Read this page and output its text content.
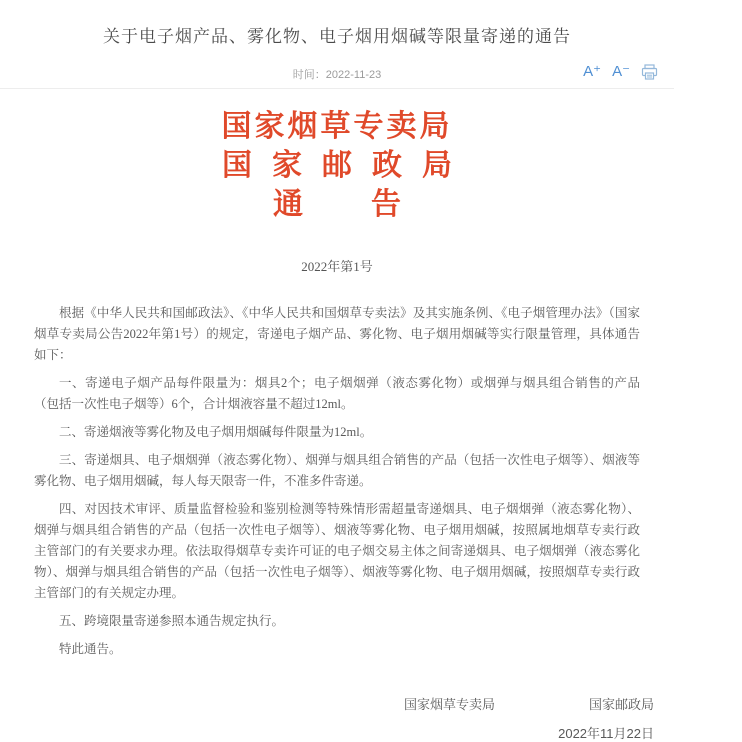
关于电子烟产品、雾化物、电子烟用烟碱等限量寄递的通告
时间：2022-11-23	A⁺ A⁻
国家烟草专卖局
国家邮政局
通告
2022年第1号

根据《中华人民共和国邮政法》、《中华人民共和国烟草专卖法》及其实施条例、《电子烟管理办法》（国家烟草专卖局公告2022年第1号）的规定，寄递电子烟产品、雾化物、电子烟用烟碱等实行限量管理，具体通告如下：

一、寄递电子烟产品每件限量为：烟具2个；电子烟烟弹（液态雾化物）或烟弹与烟具组合销售的产品（包括一次性电子烟等）6个，合计烟液容量不超过12ml。

二、寄递烟液等雾化物及电子烟用烟碱每件限量为12ml。

三、寄递烟具、电子烟烟弹（液态雾化物）、烟弹与烟具组合销售的产品（包括一次性电子烟等）、烟液等雾化物、电子烟用烟碱，每人每天限寄一件，不准多件寄递。

四、对因技术审评、质量监督检验和鉴别检测等特殊情形需超量寄递烟具、电子烟烟弹（液态雾化物）、烟弹与烟具组合销售的产品（包括一次性电子烟等）、烟液等雾化物、电子烟用烟碱，按照属地烟草专卖行政主管部门的有关要求办理。依法取得烟草专卖许可证的电子烟交易主体之间寄递烟具、电子烟烟弹（液态雾化物）、烟弹与烟具组合销售的产品（包括一次性电子烟等）、烟液等雾化物、电子烟用烟碱，按照烟草专卖行政主管部门的有关规定办理。

五、跨境限量寄递参照本通告规定执行。

特此通告。

国家烟草专卖局	国家邮政局
2022年11月22日
